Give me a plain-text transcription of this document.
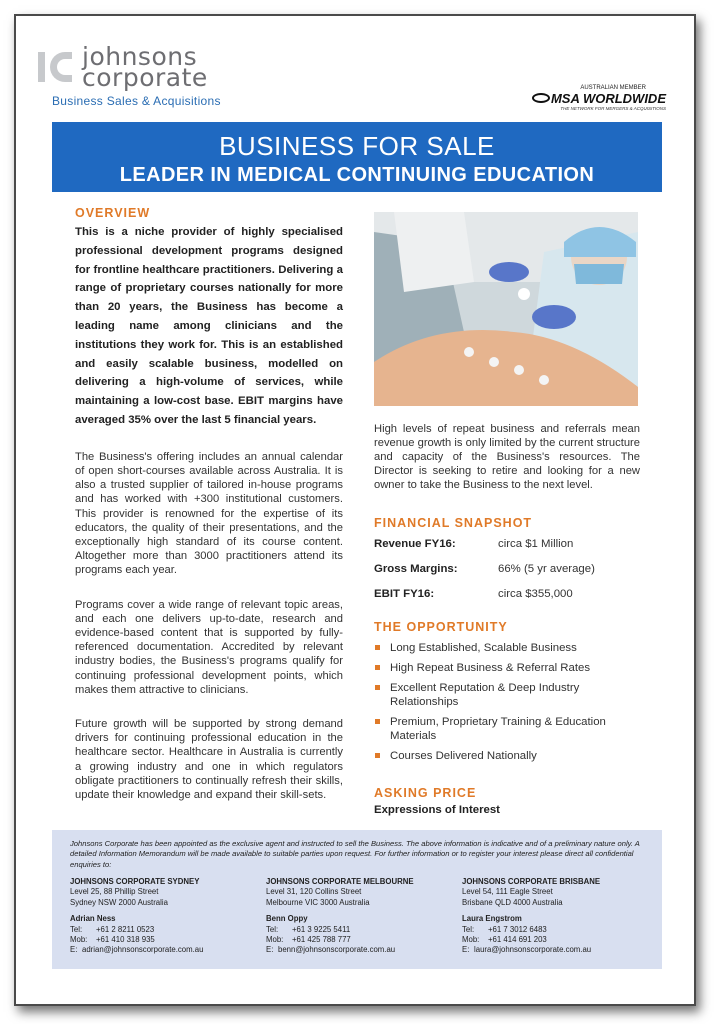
johnsons
corporate
Business Sales & Acquisitions
AUSTRALIAN MEMBER
MSA WORLDWIDE
THE NETWORK FOR MERGERS & ACQUISITIONS
BUSINESS FOR SALE
LEADER IN MEDICAL CONTINUING EDUCATION
OVERVIEW
This is a niche provider of highly specialised professional development programs designed for frontline healthcare practitioners. Delivering a range of proprietary courses nationally for more than 20 years, the Business has become a leading name among clinicians and the institutions they work for. This is an established and easily scalable business, modelled on delivering a high-volume of services, while maintaining a low-cost base. EBIT margins have averaged 35% over the last 5 financial years.
The Business's offering includes an annual calendar of open short-courses available across Australia. It is also a trusted supplier of tailored in-house programs and has worked with +300 institutional customers. This provider is renowned for the expertise of its educators, the quality of their presentations, and the exceptionally high standard of its course content. Altogether more than 3000 practitioners attend its programs each year.
Programs cover a wide range of relevant topic areas, and each one delivers up-to-date, research and evidence-based content that is supported by fully-referenced documentation. Accredited by relevant industry bodies, the Business's programs qualify for continuing professional development points, which makes them attractive to clinicians.
Future growth will be supported by strong demand drivers for continuing professional education in the healthcare sector. Healthcare in Australia is currently a growing industry and one in which regulators obligate practitioners to continually refresh their skills, update their knowledge and expand their skill-sets.
High levels of repeat business and referrals mean revenue growth is only limited by the current structure and capacity of the Business's resources. The Director is seeking to retire and looking for a new owner to take the Business to the next level.
FINANCIAL SNAPSHOT
Revenue FY16:	circa $1 Million
Gross Margins:	66% (5 yr average)
EBIT FY16:	circa $355,000
THE OPPORTUNITY
Long Established, Scalable Business
High Repeat Business & Referral Rates
Excellent Reputation & Deep Industry Relationships
Premium, Proprietary Training & Education Materials
Courses Delivered Nationally
ASKING PRICE
Expressions of Interest
Johnsons Corporate has been appointed as the exclusive agent and instructed to sell the Business. The above information is indicative and of a preliminary nature only. A detailed Information Memorandum will be made available to suitable parties upon request. For further information or to register your interest please direct all confidential enquiries to:
JOHNSONS CORPORATE SYDNEY
Level 25, 88 Phillip Street
Sydney NSW 2000 Australia
Adrian Ness
Tel: +61 2 8211 0523
Mob: +61 410 318 935
E: adrian@johnsonscorporate.com.au
JOHNSONS CORPORATE MELBOURNE
Level 31, 120 Collins Street
Melbourne VIC 3000 Australia
Benn Oppy
Tel: +61 3 9225 5411
Mob: +61 425 788 777
E: benn@johnsonscorporate.com.au
JOHNSONS CORPORATE BRISBANE
Level 54, 111 Eagle Street
Brisbane QLD 4000 Australia
Laura Engstrom
Tel: +61 7 3012 6483
Mob: +61 414 691 203
E: laura@johnsonscorporate.com.au
